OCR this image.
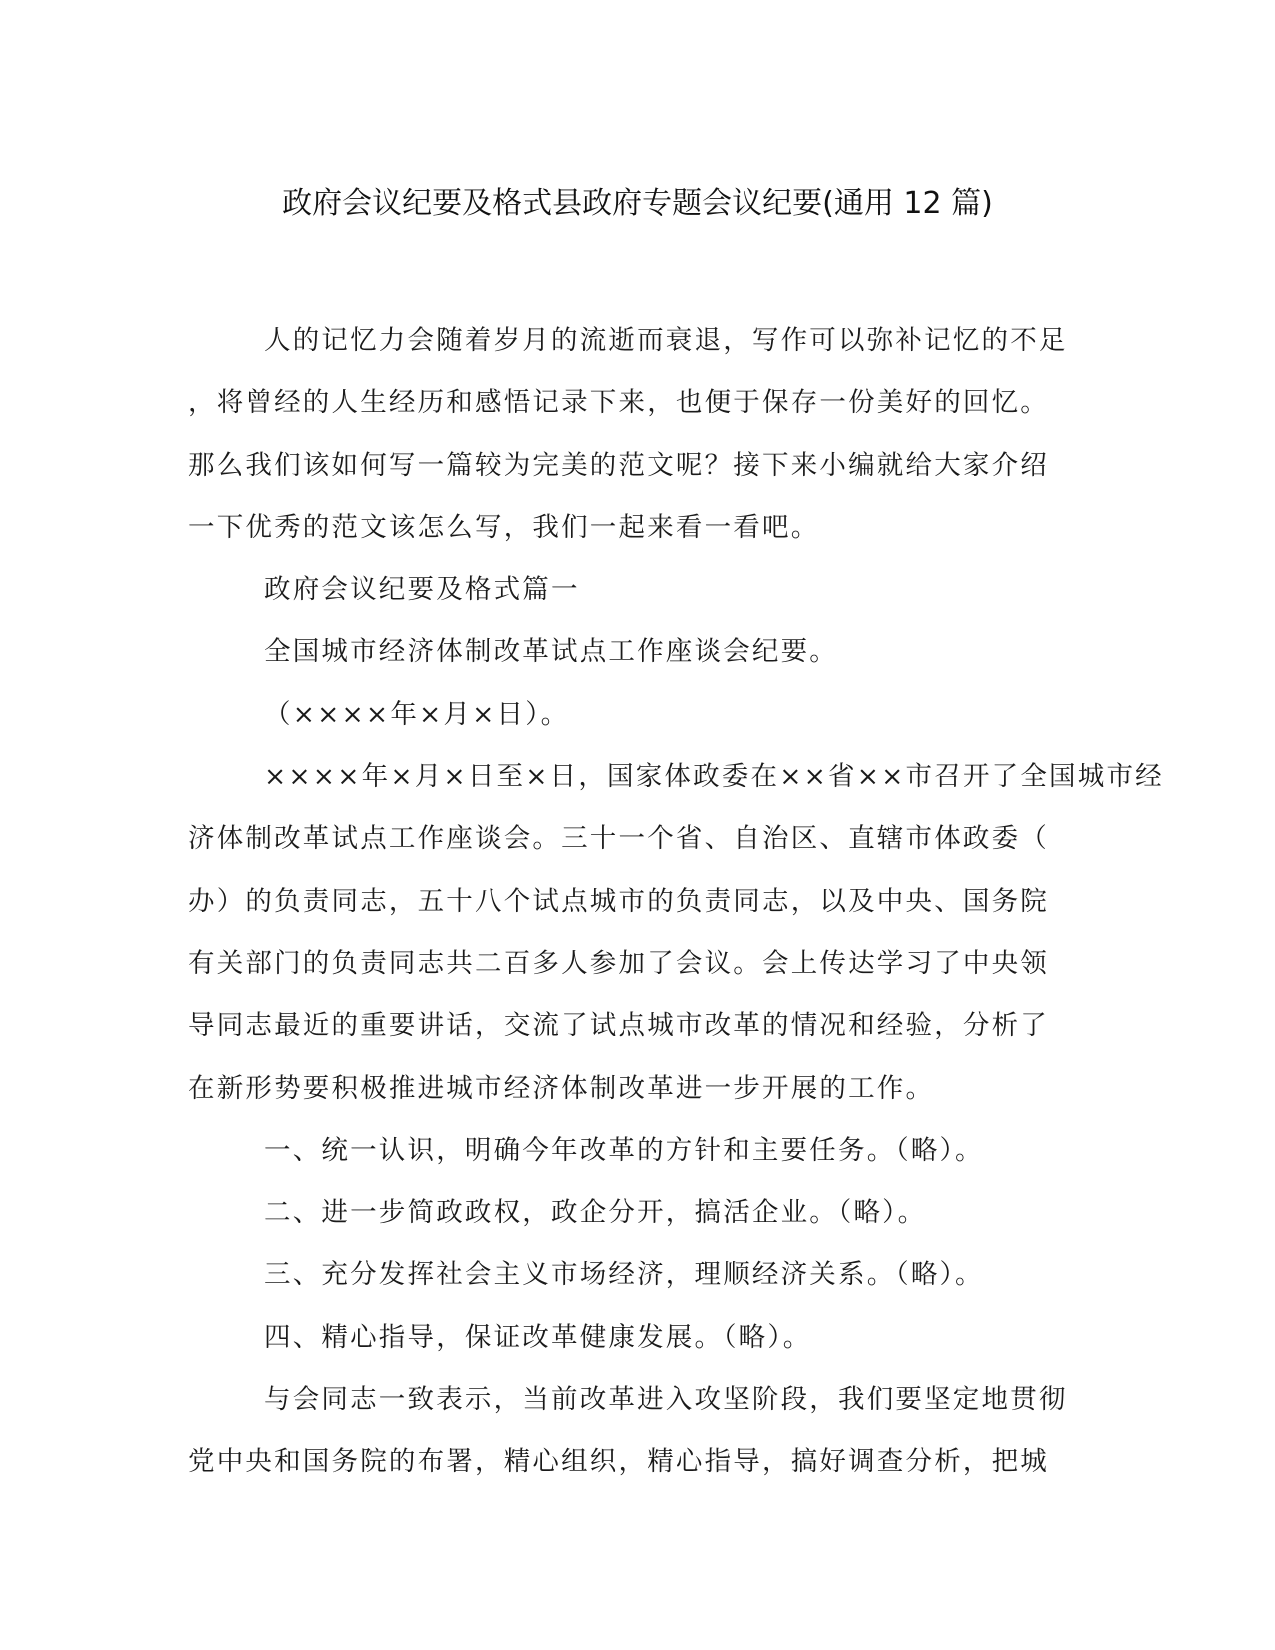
政府会议纪要及格式县政府专题会议纪要(通用 12 篇)
人的记忆力会随着岁月的流逝而衰退，写作可以弥补记忆的不足
，将曾经的人生经历和感悟记录下来，也便于保存一份美好的回忆。
那么我们该如何写一篇较为完美的范文呢？接下来小编就给大家介绍
一下优秀的范文该怎么写，我们一起来看一看吧。
政府会议纪要及格式篇一
全国城市经济体制改革试点工作座谈会纪要。
（××××年×月×日）。
××××年×月×日至×日，国家体政委在××省××市召开了全国城市经
济体制改革试点工作座谈会。三十一个省、自治区、直辖市体政委（
办）的负责同志，五十八个试点城市的负责同志，以及中央、国务院
有关部门的负责同志共二百多人参加了会议。会上传达学习了中央领
导同志最近的重要讲话，交流了试点城市改革的情况和经验，分析了
在新形势要积极推进城市经济体制改革进一步开展的工作。
一、统一认识，明确今年改革的方针和主要任务。（略）。
二、进一步简政政权，政企分开，搞活企业。（略）。
三、充分发挥社会主义市场经济，理顺经济关系。（略）。
四、精心指导，保证改革健康发展。（略）。
与会同志一致表示，当前改革进入攻坚阶段，我们要坚定地贯彻
党中央和国务院的布署，精心组织，精心指导，搞好调查分析，把城
